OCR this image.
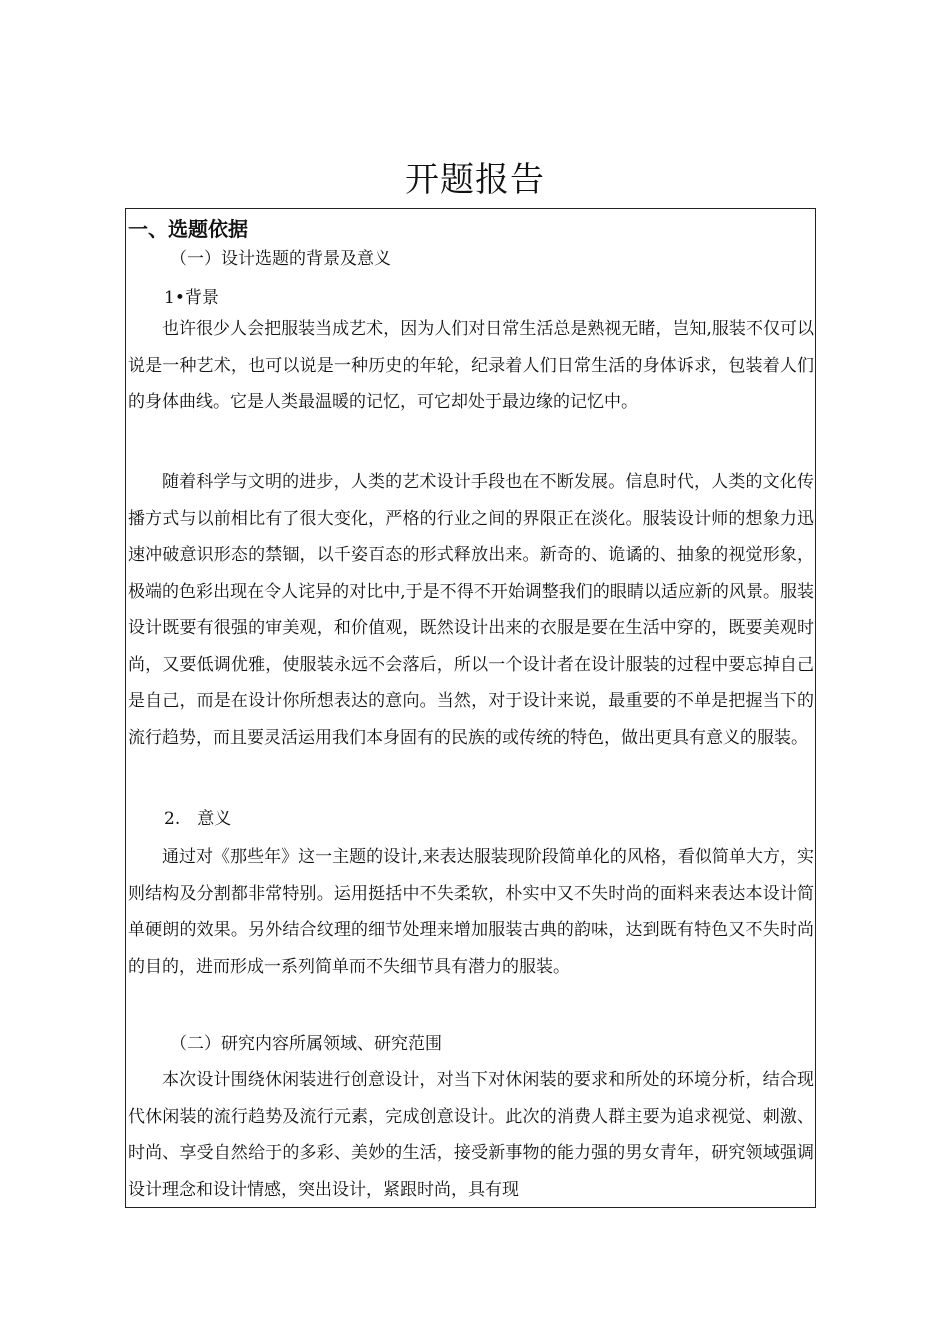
开题报告
一、选题依据
（一）设计选题的背景及意义
1•背景

也许很少人会把服装当成艺术，因为人们对日常生活总是熟视无睹，岂知,服装不仅可以说是一种艺术，也可以说是一种历史的年轮，纪录着人们日常生活的身体诉求，包装着人们的身体曲线。它是人类最温暖的记忆，可它却处于最边缘的记忆中。

随着科学与文明的进步，人类的艺术设计手段也在不断发展。信息时代，人类的文化传播方式与以前相比有了很大变化，严格的行业之间的界限正在淡化。服装设计师的想象力迅速冲破意识形态的禁锢，以千姿百态的形式释放出来。新奇的、诡谲的、抽象的视觉形象，极端的色彩出现在令人诧异的对比中,于是不得不开始调整我们的眼睛以适应新的风景。服装设计既要有很强的审美观，和价值观，既然设计出来的衣服是要在生活中穿的，既要美观时尚，又要低调优雅，使服装永远不会落后，所以一个设计者在设计服装的过程中要忘掉自己是自己，而是在设计你所想表达的意向。当然，对于设计来说，最重要的不单是把握当下的流行趋势，而且要灵活运用我们本身固有的民族的或传统的特色，做出更具有意义的服装。

2.　意义

通过对《那些年》这一主题的设计,来表达服装现阶段简单化的风格，看似简单大方，实则结构及分割都非常特别。运用挺括中不失柔软，朴实中又不失时尚的面料来表达本设计简单硬朗的效果。另外结合纹理的细节处理来增加服装古典的韵味，达到既有特色又不失时尚的目的，进而形成一系列简单而不失细节具有潜力的服装。

（二）研究内容所属领域、研究范围

本次设计围绕休闲装进行创意设计，对当下对休闲装的要求和所处的环境分析，结合现代休闲装的流行趋势及流行元素，完成创意设计。此次的消费人群主要为追求视觉、刺激、时尚、享受自然给于的多彩、美妙的生活，接受新事物的能力强的男女青年，研究领域强调设计理念和设计情感，突出设计，紧跟时尚，具有现
